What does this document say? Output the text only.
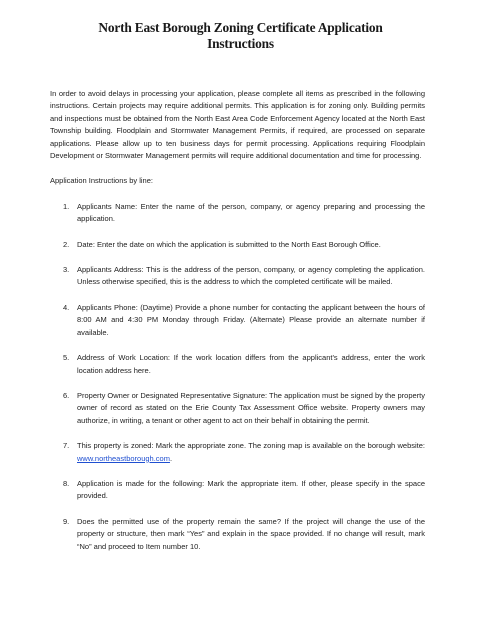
North East Borough Zoning Certificate Application
Instructions

In order to avoid delays in processing your application, please complete all items as prescribed in the following instructions. Certain projects may require additional permits. This application is for zoning only. Building permits and inspections must be obtained from the North East Area Code Enforcement Agency located at the North East Township building. Floodplain and Stormwater Management Permits, if required, are processed on separate applications. Please allow up to ten business days for permit processing. Applications requiring Floodplain Development or Stormwater Management permits will require additional documentation and time for processing.

Application Instructions by line:

1. Applicants Name: Enter the name of the person, company, or agency preparing and processing the application.
2. Date: Enter the date on which the application is submitted to the North East Borough Office.
3. Applicants Address: This is the address of the person, company, or agency completing the application. Unless otherwise specified, this is the address to which the completed certificate will be mailed.
4. Applicants Phone: (Daytime) Provide a phone number for contacting the applicant between the hours of 8:00 AM and 4:30 PM Monday through Friday. (Alternate) Please provide an alternate number if available.
5. Address of Work Location: If the work location differs from the applicant's address, enter the work location address here.
6. Property Owner or Designated Representative Signature: The application must be signed by the property owner of record as stated on the Erie County Tax Assessment Office website. Property owners may authorize, in writing, a tenant or other agent to act on their behalf in obtaining the permit.
7. This property is zoned: Mark the appropriate zone. The zoning map is available on the borough website: www.northeastborough.com.
8. Application is made for the following: Mark the appropriate item. If other, please specify in the space provided.
9. Does the permitted use of the property remain the same? If the project will change the use of the property or structure, then mark “Yes” and explain in the space provided. If no change will result, mark “No” and proceed to Item number 10.
